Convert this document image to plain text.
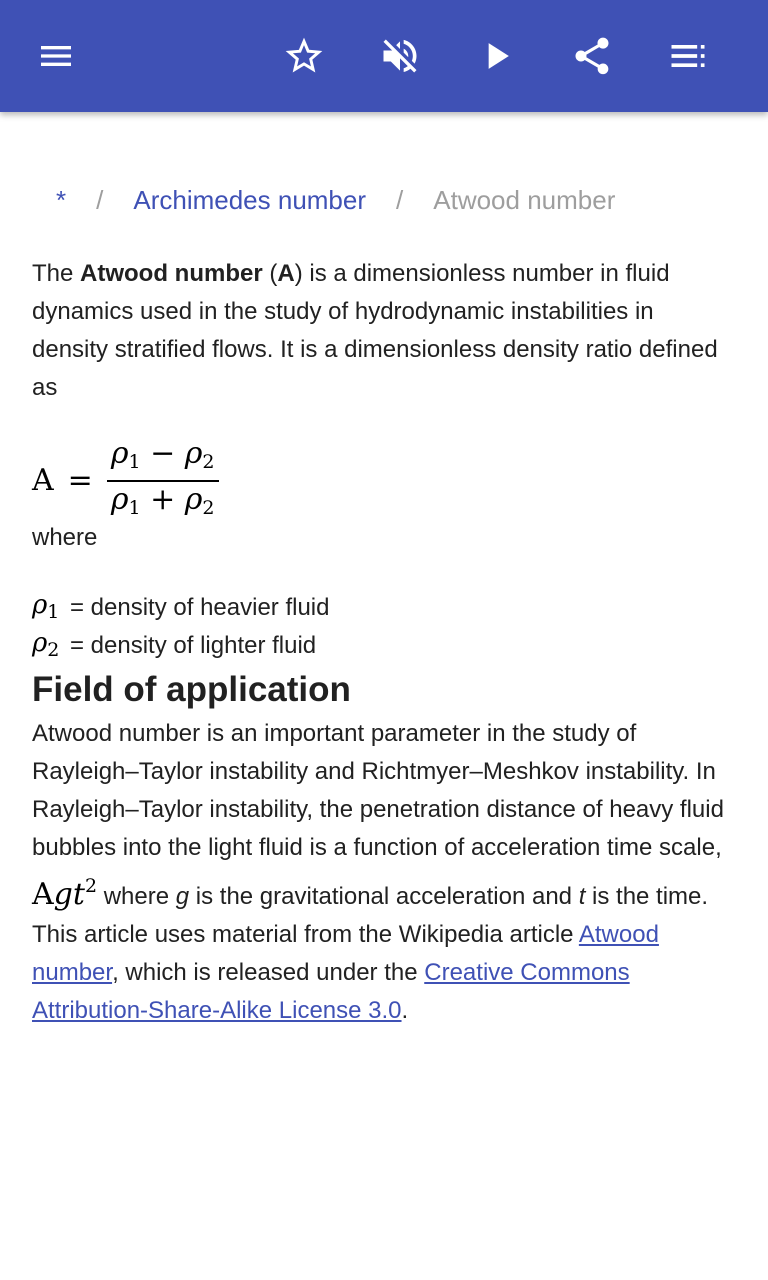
* / Archimedes number / Atwood number

The Atwood number (A) is a dimensionless number in fluid dynamics used in the study of hydrodynamic instabilities in density stratified flows. It is a dimensionless density ratio defined as

$A = \frac{\rho_1 - \rho_2}{\rho_1 + \rho_2}$

where

$\rho_1$ = density of heavier fluid
$\rho_2$ = density of lighter fluid
Field of application

Atwood number is an important parameter in the study of Rayleigh–Taylor instability and Richtmyer–Meshkov instability. In Rayleigh–Taylor instability, the penetration distance of heavy fluid bubbles into the light fluid is a function of acceleration time scale, Agt$^2$ where g is the gravitational acceleration and t is the time.

This article uses material from the Wikipedia article Atwood number, which is released under the Creative Commons Attribution-Share-Alike License 3.0.
